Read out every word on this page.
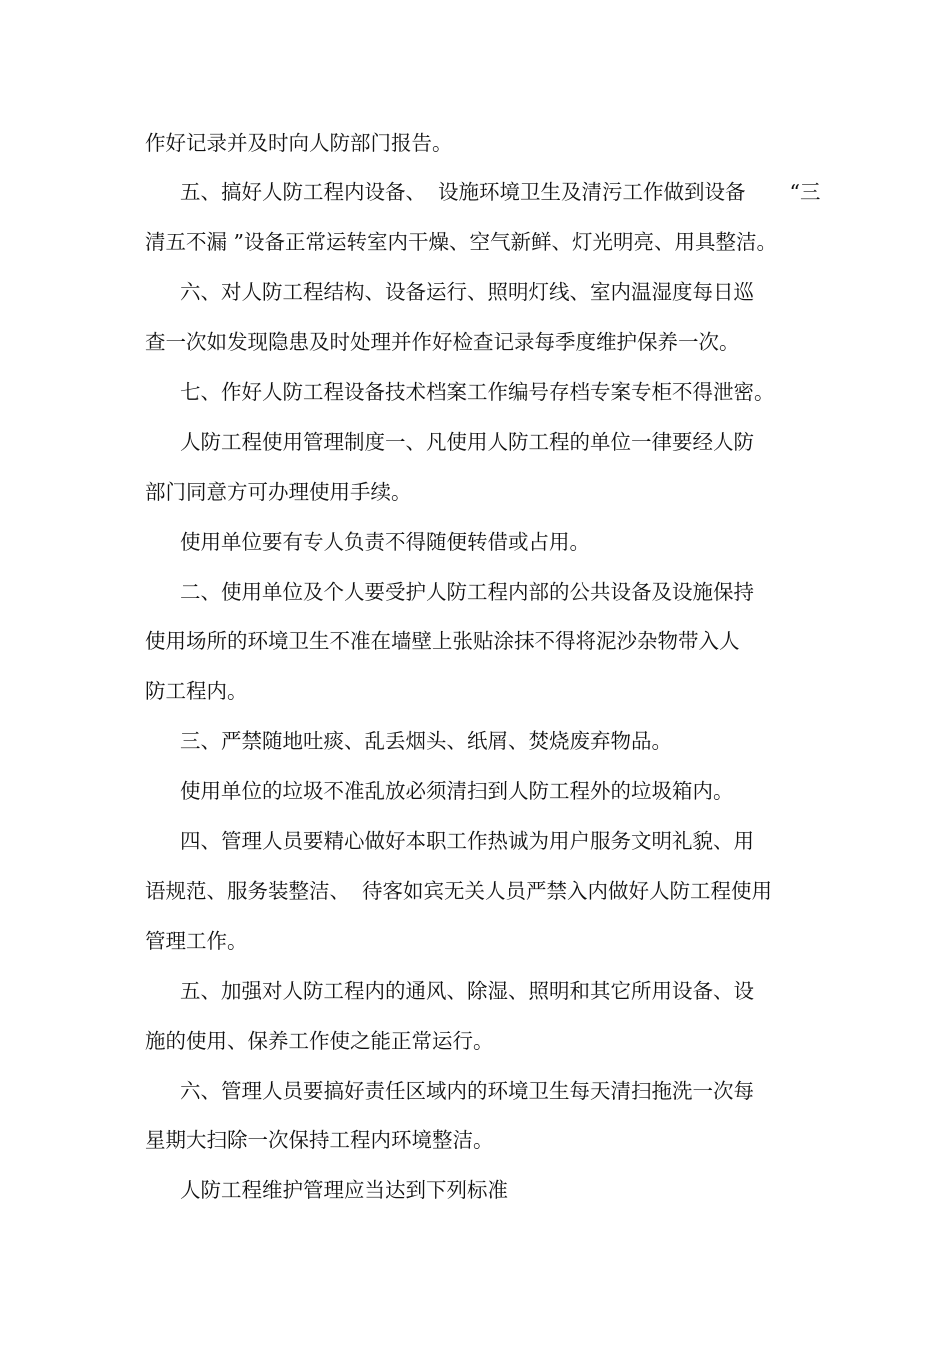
作好记录并及时向人防部门报告。
五、搞好人防工程内设备、 设施环境卫生及清污工作做到设备 “三
清五不漏 ”设备正常运转室内干燥、空气新鲜、灯光明亮、用具整洁。
六、对人防工程结构、设备运行、照明灯线、室内温湿度每日巡
查一次如发现隐患及时处理并作好检查记录每季度维护保养一次。
七、作好人防工程设备技术档案工作编号存档专案专柜不得泄密。
人防工程使用管理制度一、凡使用人防工程的单位一律要经人防
部门同意方可办理使用手续。
使用单位要有专人负责不得随便转借或占用。
二、使用单位及个人要受护人防工程内部的公共设备及设施保持
使用场所的环境卫生不准在墙壁上张贴涂抹不得将泥沙杂物带入人
防工程内。
三、严禁随地吐痰、乱丢烟头、纸屑、焚烧废弃物品。
使用单位的垃圾不准乱放必须清扫到人防工程外的垃圾箱内。
四、管理人员要精心做好本职工作热诚为用户服务文明礼貌、用
语规范、服务装整洁、 待客如宾无关人员严禁入内做好人防工程使用
管理工作。
五、加强对人防工程内的通风、除湿、照明和其它所用设备、设
施的使用、保养工作使之能正常运行。
六、管理人员要搞好责任区域内的环境卫生每天清扫拖洗一次每
星期大扫除一次保持工程内环境整洁。
人防工程维护管理应当达到下列标准
